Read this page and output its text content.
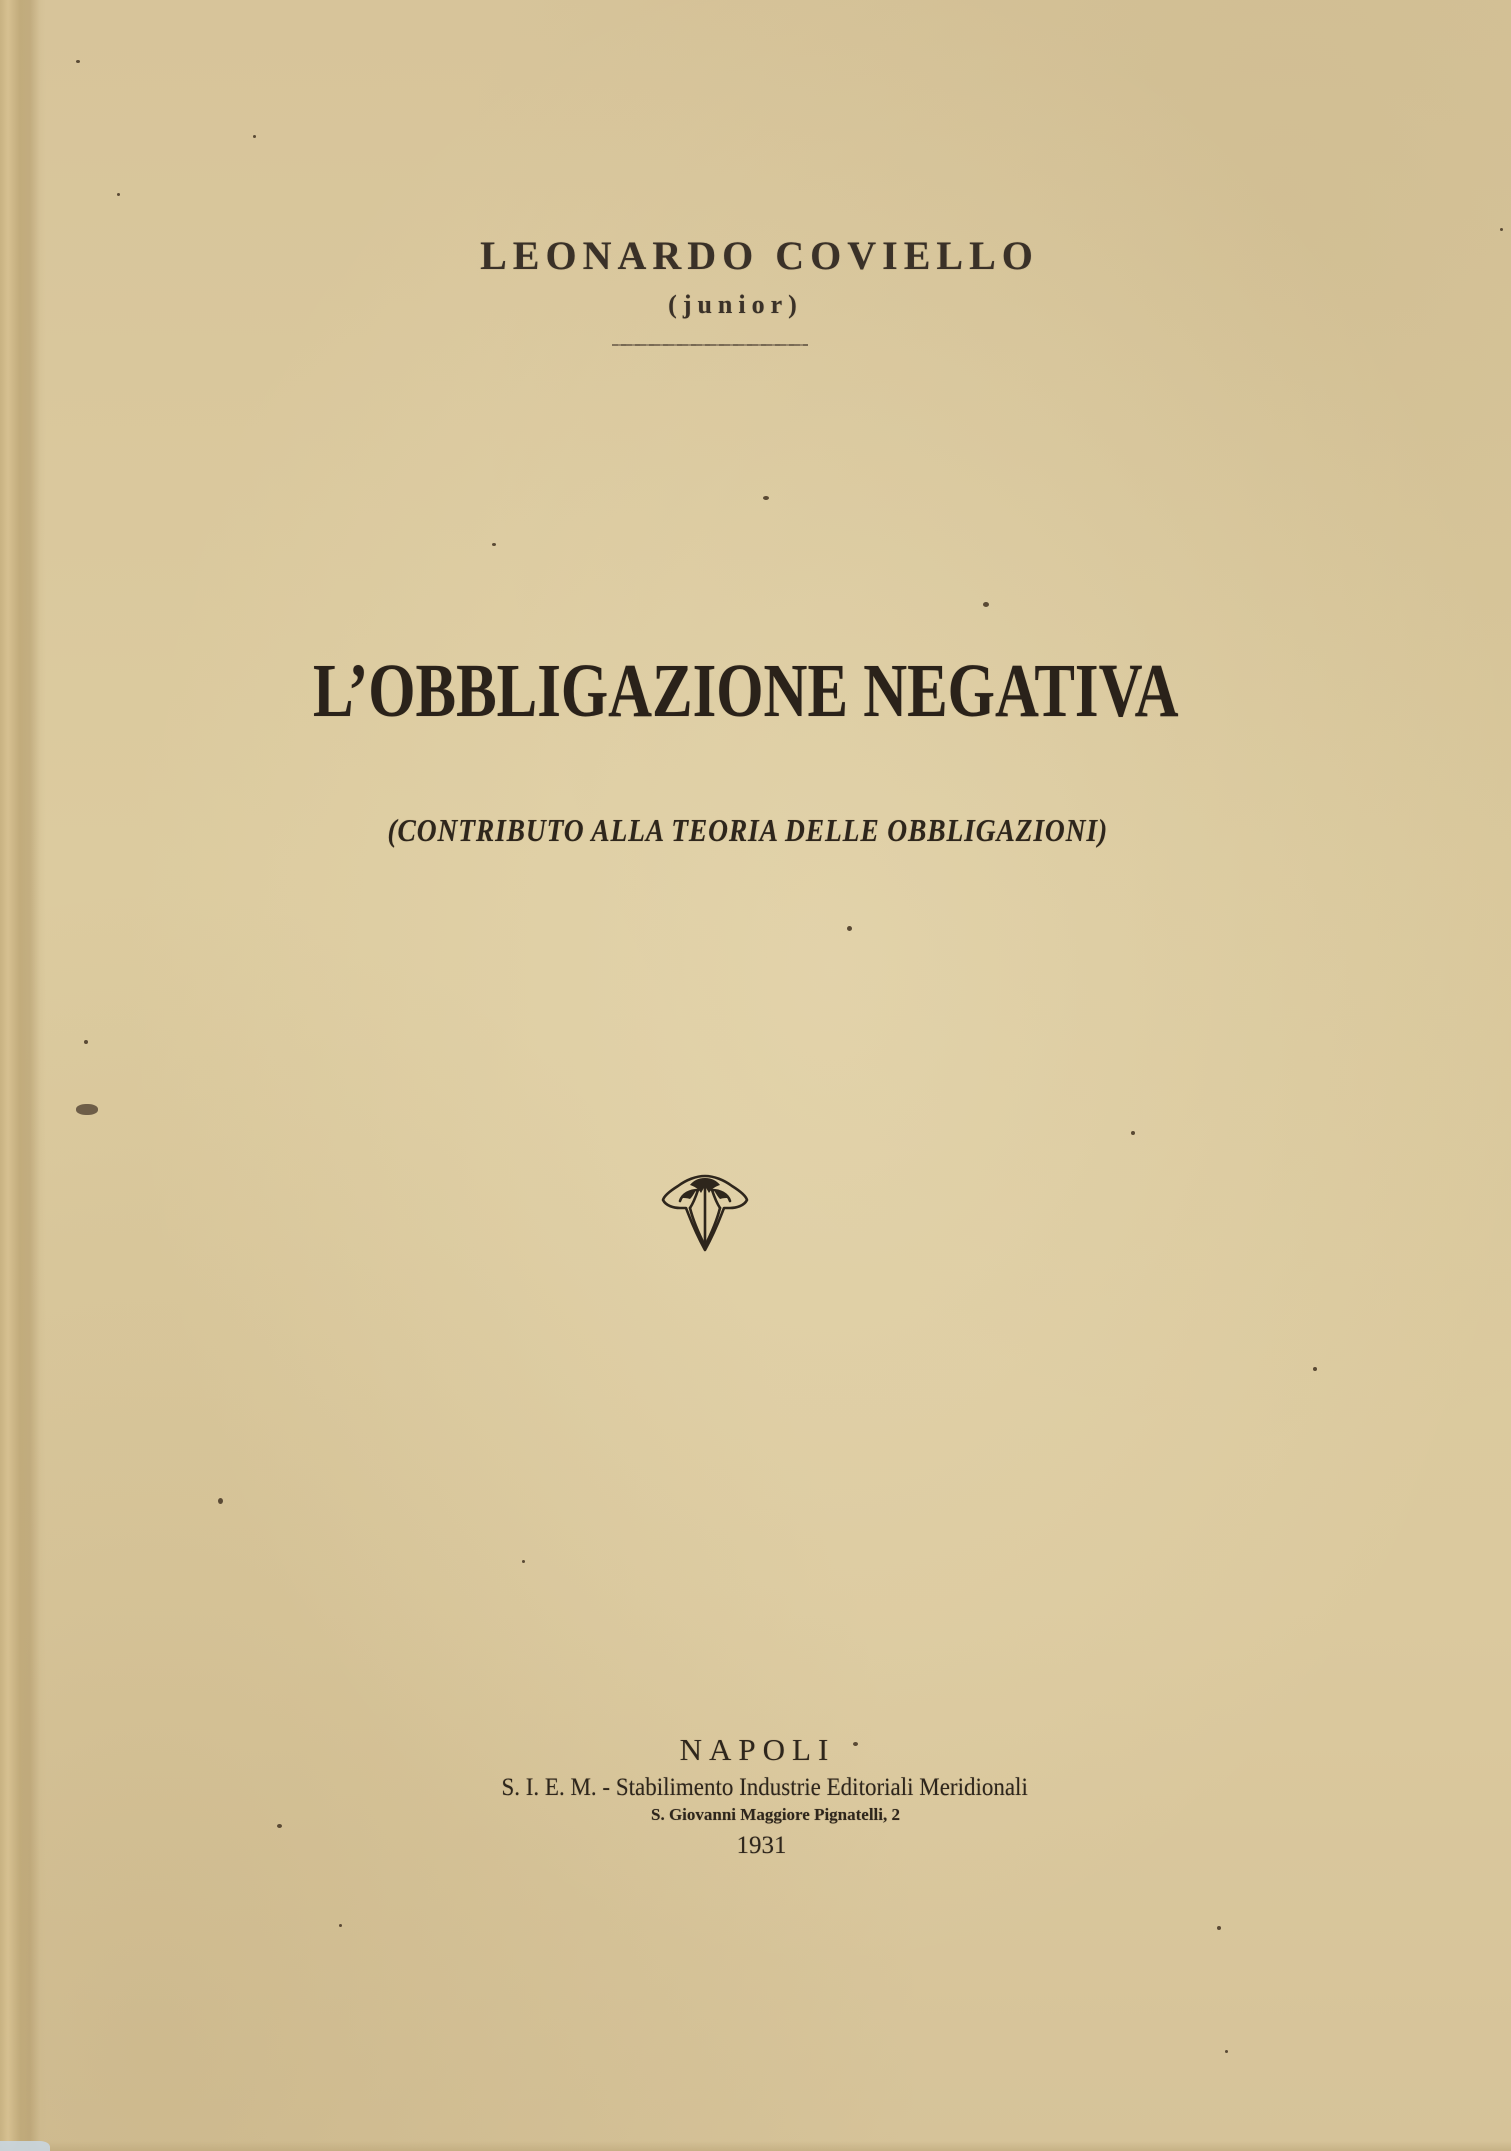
LEONARDO COVIELLO
(junior)
L’OBBLIGAZIONE NEGATIVA
(CONTRIBUTO ALLA TEORIA DELLE OBBLIGAZIONI)
NAPOLI
S. I. E. M. - Stabilimento Industrie Editoriali Meridionali
S. Giovanni Maggiore Pignatelli, 2
1931
